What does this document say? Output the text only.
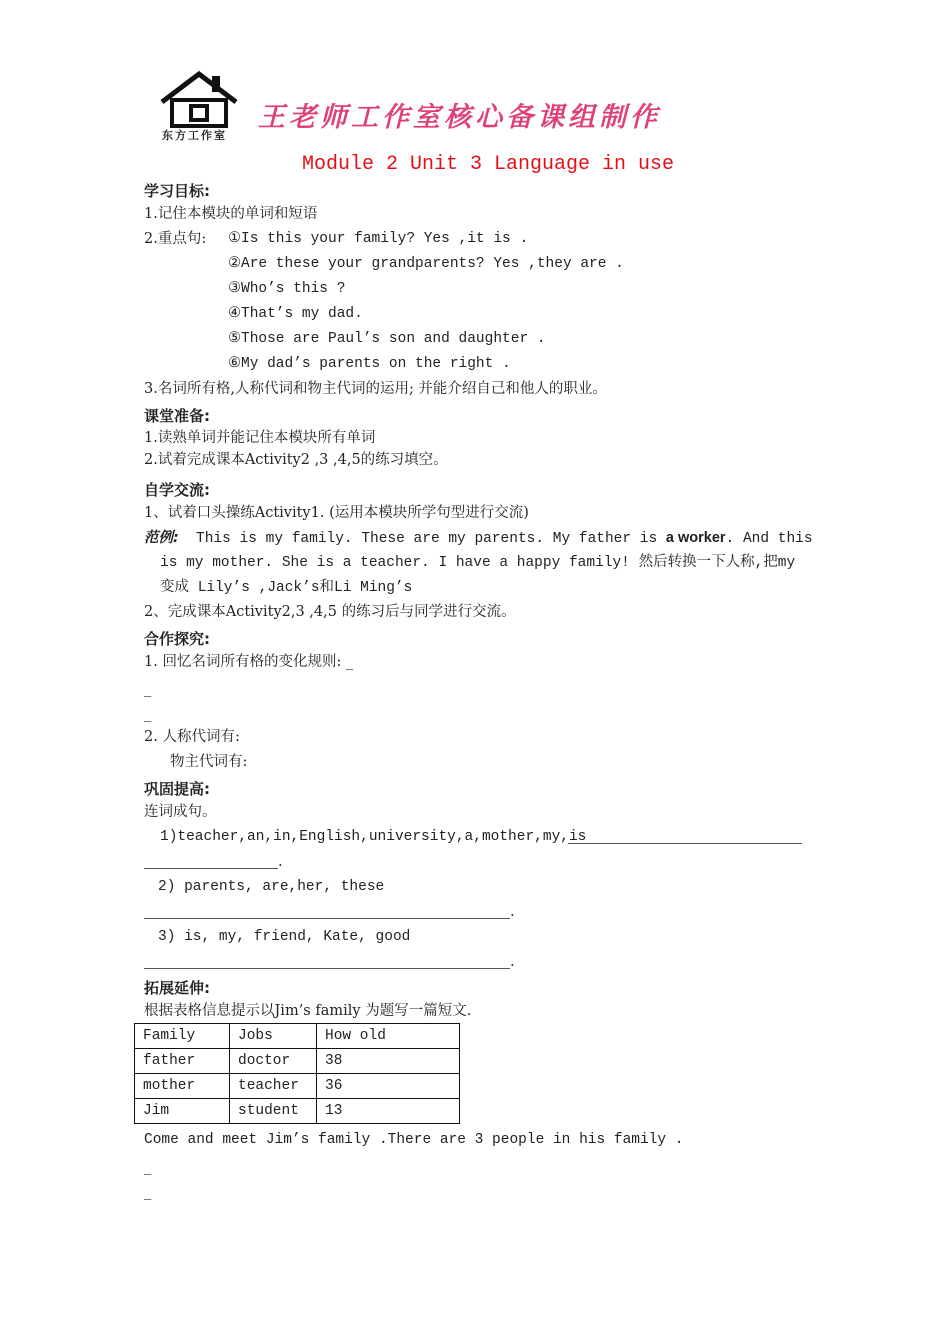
东方工作室
王老师工作室核心备课组制作
Module 2 Unit 3 Language in use
学习目标:
1.记住本模块的单词和短语
2.重点句: ①Is this your family? Yes ,it is .
②Are these your grandparents? Yes ,they are .
③Who’s this ?
④That’s my dad.
⑤Those are Paul’s son and daughter .
⑥My dad’s parents on the right .
3.名词所有格,人称代词和物主代词的运用; 并能介绍自己和他人的职业。
课堂准备:
1.读熟单词并能记住本模块所有单词
2.试着完成课本Activity2 ,3 ,4,5的练习填空。
自学交流:
1、试着口头操练Activity1. (运用本模块所学句型进行交流)
范例: This is my family. These are my parents. My father is a worker. And this
is my mother. She is a teacher. I have a happy family! 然后转换一下人称,把my
变成 Lily’s ,Jack’s和Li Ming’s
2、完成课本Activity2,3 ,4,5 的练习后与同学进行交流。
合作探究:
1. 回忆名词所有格的变化规则: _
_
_
2. 人称代词有:
物主代词有:
巩固提高:
连词成句。
1)teacher,an,in,English,university,a,mother,my,is
.
2) parents, are,her, these
.
3) is, my, friend, Kate, good
.
拓展延伸:
根据表格信息提示以Jim’s family 为题写一篇短文.
Family	Jobs	How old
father	doctor	38
mother	teacher	36
Jim	student	13
Come and meet Jim’s family .There are 3 people in his family .
_
_
